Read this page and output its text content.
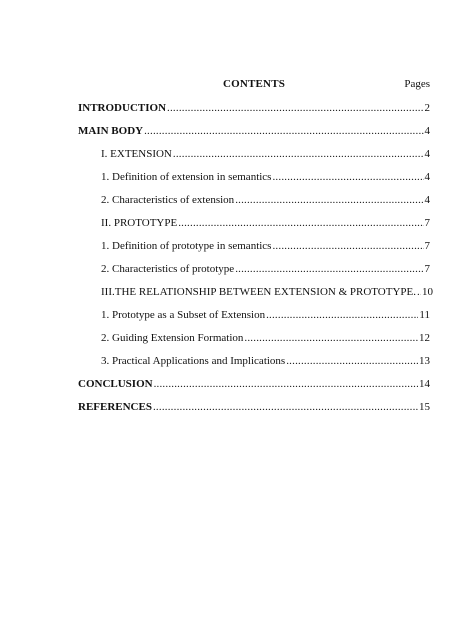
CONTENTS	Pages
INTRODUCTION .....	2
MAIN BODY .....	4
I. EXTENSION .....	4
1. Definition of extension in semantics .....	4
2. Characteristics of extension .....	4
II. PROTOTYPE .....	7
1. Definition of prototype in semantics .....	7
2. Characteristics of prototype .....	7
III.THE RELATIONSHIP BETWEEN EXTENSION & PROTOTYPE. ..... 10
1. Prototype as a Subset of Extension .....	11
2. Guiding Extension Formation .....	12
3. Practical Applications and Implications .....	13
CONCLUSION .....	14
REFERENCES .....	15
